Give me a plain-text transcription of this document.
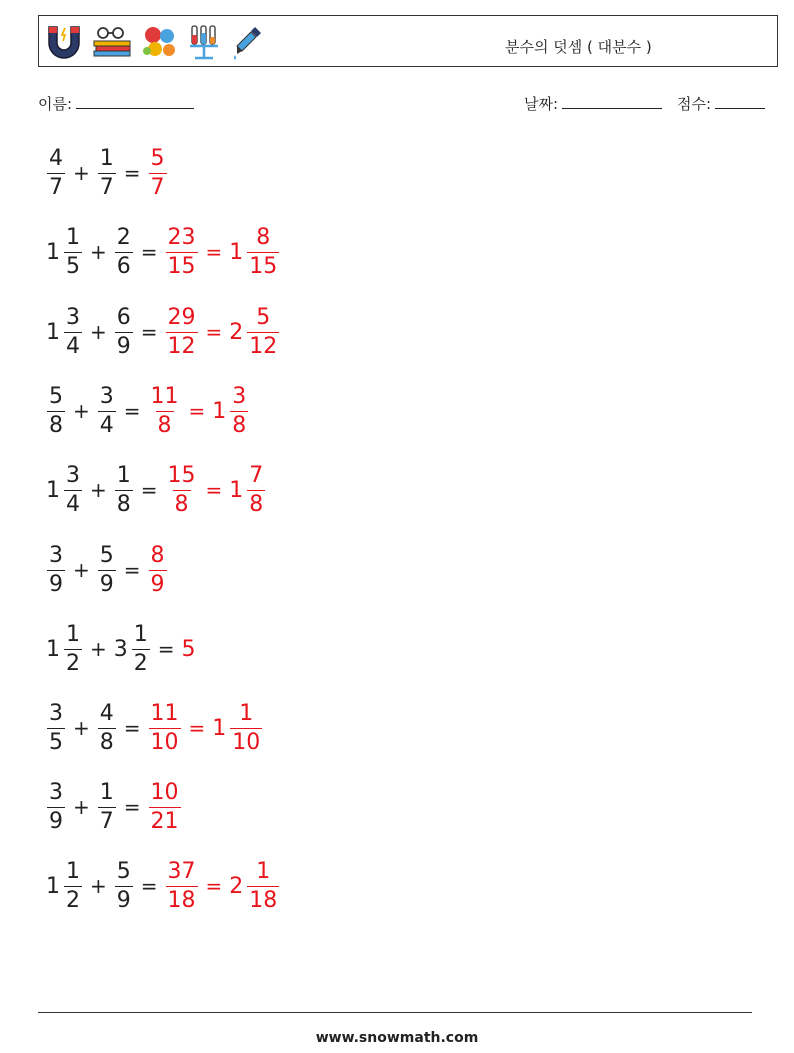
분수의 덧셈 ( 대분수 )
이름:	날짜:	점수:
$\frac{4}{7} + \frac{1}{7} = \frac{5}{7}$
$1 \frac{1}{5} + \frac{2}{6} = \frac{23}{15} = 1 \frac{8}{15}$
$1 \frac{3}{4} + \frac{6}{9} = \frac{29}{12} = 2 \frac{5}{12}$
$\frac{5}{8} + \frac{3}{4} = \frac{11}{8} = 1 \frac{3}{8}$
$1 \frac{3}{4} + \frac{1}{8} = \frac{15}{8} = 1 \frac{7}{8}$
$\frac{3}{9} + \frac{5}{9} = \frac{8}{9}$
$1 \frac{1}{2} + 3 \frac{1}{2} = 5$
$\frac{3}{5} + \frac{4}{8} = \frac{11}{10} = 1 \frac{1}{10}$
$\frac{3}{9} + \frac{1}{7} = \frac{10}{21}$
$1 \frac{1}{2} + \frac{5}{9} = \frac{37}{18} = 2 \frac{1}{18}$
www.snowmath.com
